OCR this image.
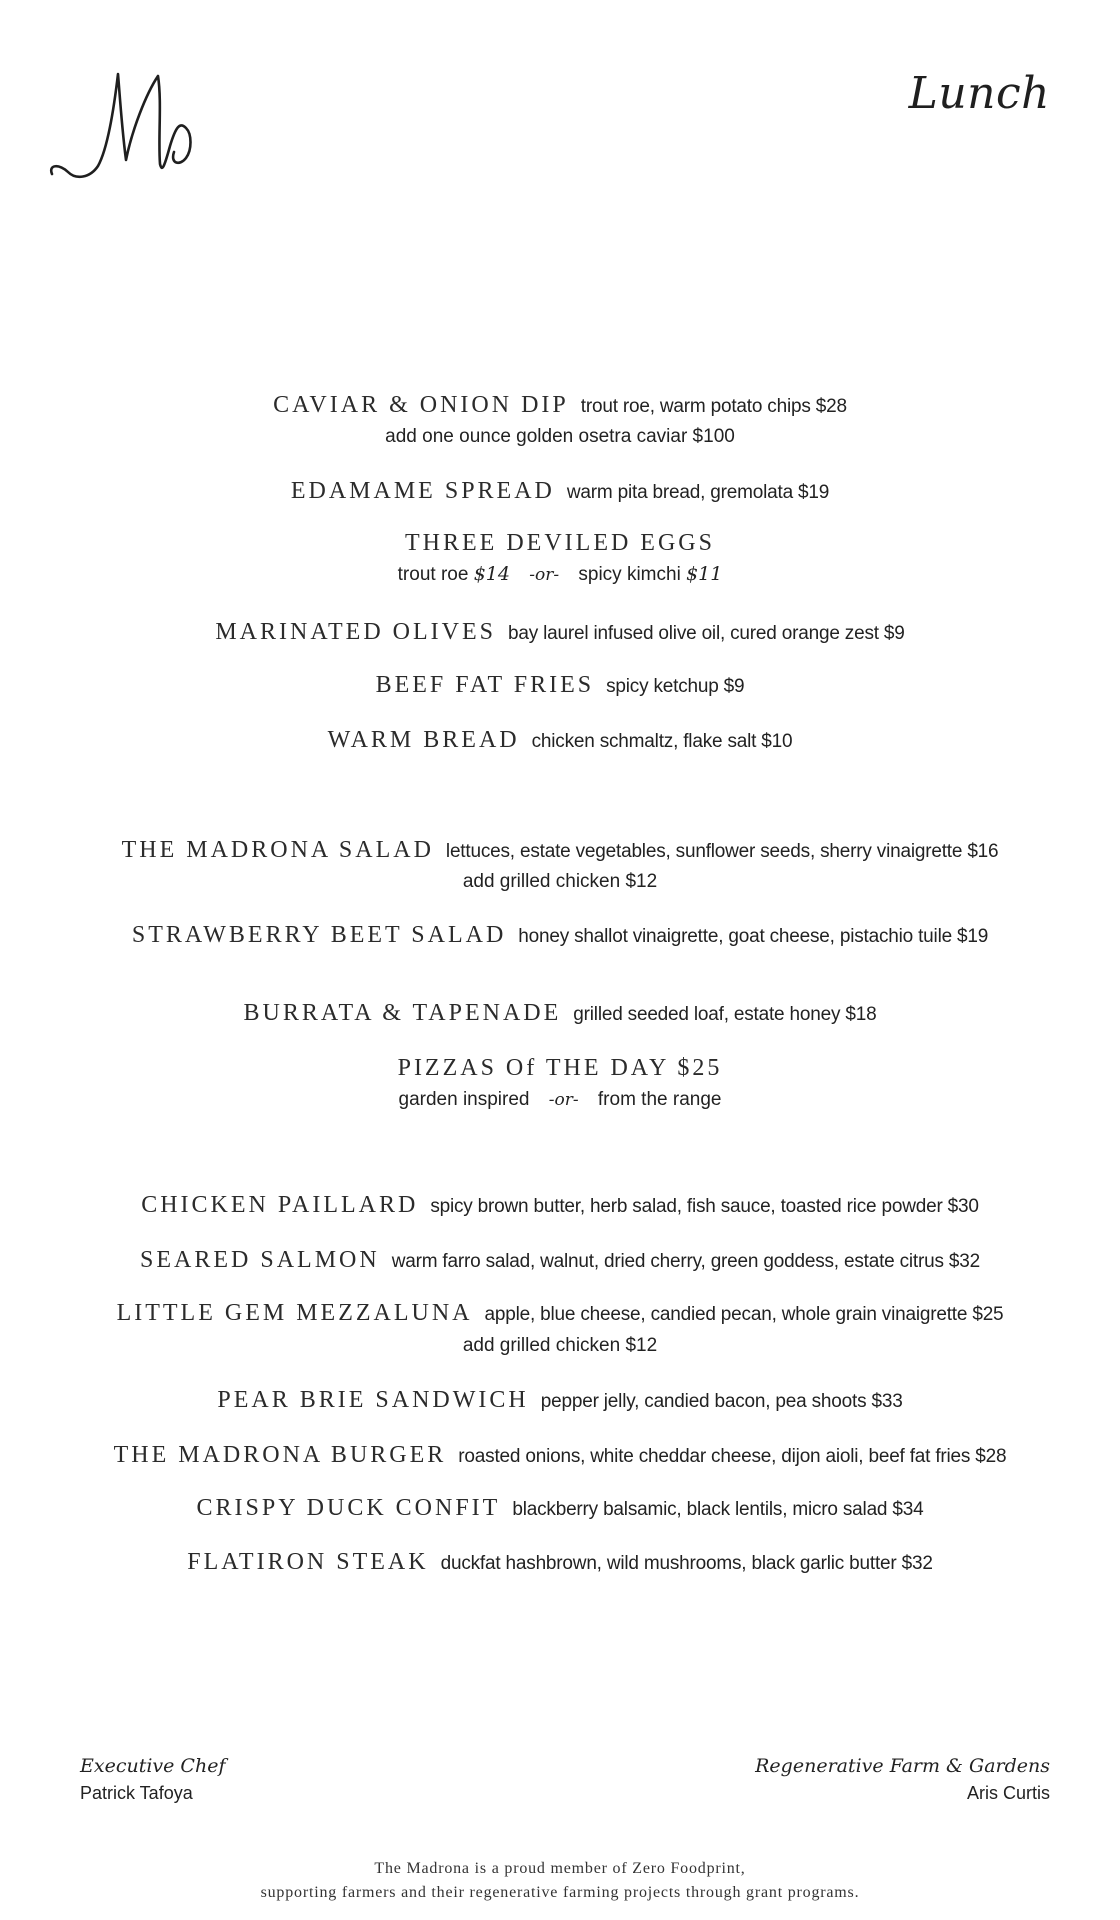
Lunch
CAVIAR & ONION DIP trout roe, warm potato chips $28
add one ounce golden osetra caviar $100
EDAMAME SPREAD warm pita bread, gremolata $19
THREE DEVILED EGGS
trout roe $14 -or- spicy kimchi $11
MARINATED OLIVES bay laurel infused olive oil, cured orange zest $9
BEEF FAT FRIES spicy ketchup $9
WARM BREAD chicken schmaltz, flake salt $10
THE MADRONA SALAD lettuces, estate vegetables, sunflower seeds, sherry vinaigrette $16
add grilled chicken $12
STRAWBERRY BEET SALAD honey shallot vinaigrette, goat cheese, pistachio tuile $19
BURRATA & TAPENADE grilled seeded loaf, estate honey $18
PIZZAS Of THE DAY $25
garden inspired -or- from the range
CHICKEN PAILLARD spicy brown butter, herb salad, fish sauce, toasted rice powder $30
SEARED SALMON warm farro salad, walnut, dried cherry, green goddess, estate citrus $32
LITTLE GEM MEZZALUNA apple, blue cheese, candied pecan, whole grain vinaigrette $25
add grilled chicken $12
PEAR BRIE SANDWICH pepper jelly, candied bacon, pea shoots $33
THE MADRONA BURGER roasted onions, white cheddar cheese, dijon aioli, beef fat fries $28
CRISPY DUCK CONFIT blackberry balsamic, black lentils, micro salad $34
FLATIRON STEAK duckfat hashbrown, wild mushrooms, black garlic butter $32
Executive Chef
Patrick Tafoya
Regenerative Farm & Gardens
Aris Curtis
The Madrona is a proud member of Zero Foodprint,
supporting farmers and their regenerative farming projects through grant programs.
